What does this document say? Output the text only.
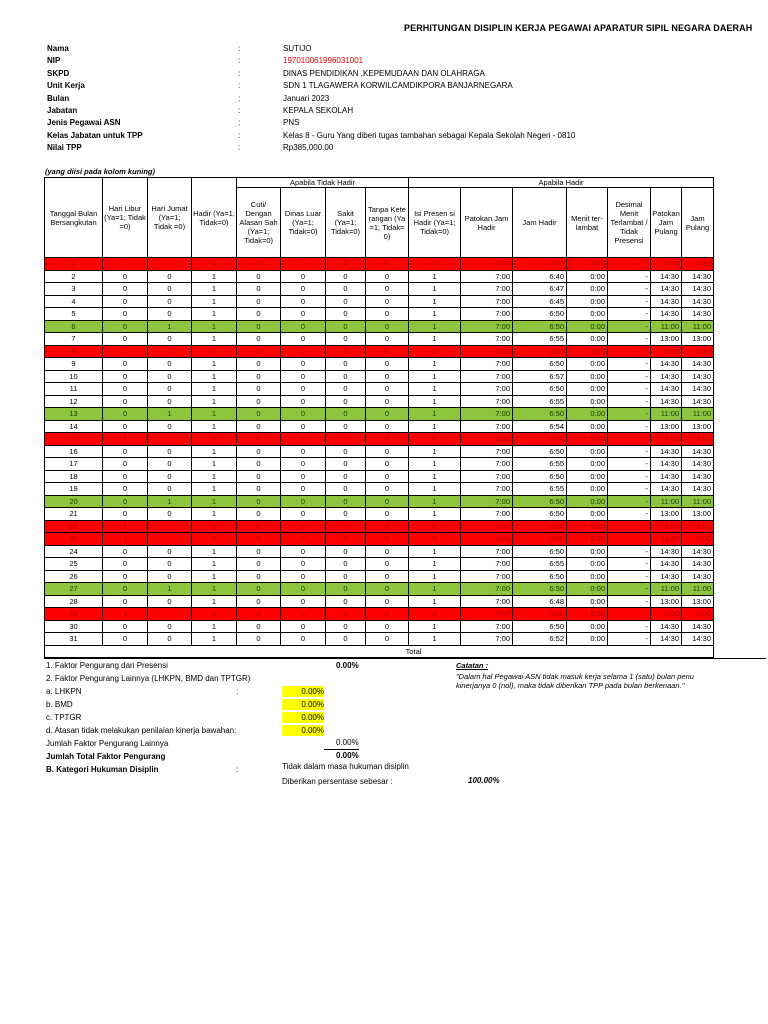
PERHITUNGAN DISIPLIN KERJA PEGAWAI APARATUR SIPIL NEGARA DAERAH
Nama	:	SUTIJO
NIP	:	197010061996031001
SKPD	:	DINAS PENDIDIKAN ,KEPEMUDAAN DAN OLAHRAGA
Unit Kerja	:	SDN 1 TLAGAWERA KORWILCAMDIKPORA BANJARNEGARA
Bulan	:	Januari 2023
Jabatan	:	KEPALA SEKOLAH
Jenis Pegawai ASN	:	PNS
Kelas Jabatan untuk TPP	:	Kelas 8 - Guru Yang diberi tugas tambahan sebagai Kepala Sekolah Negeri - 0810
Nilai TPP	:	Rp385,000.00
(yang diisi pada kolom kuning)
Tanggal Bulan Bersangkutan	Hari Libur (Ya=1; Tidak =0)	Hari Jumat (Ya=1; Tidak =0)	Hadir (Ya=1; Tidak=0)	Apabila Tidak Hadir				Apabila Hadir						
				Cuti/ Dengan Alasan Sah (Ya=1; Tidak=0)	Dinas Luar (Ya=1; Tidak=0)	Sakit (Ya=1; Tidak=0)	Tanpa Keterangan (Ya=1; Tidak=0)	Isi Presen si Hadir (Ya=1; Tidak=0)	Patokan Jam Hadir	Jam Hadir	Menit ter- lambat	Desimal Menit Terlambat / Tidak Presensi	Patokan Jam Pulang	Jam Pulang
1	1		0	0	0	0	0	0	0:00	0:00	0:00	-	0:00	0:00
2	0	0	1	0	0	0	0	1	7:00	6:40	0:00	-	14:30	14:30
3	0	0	1	0	0	0	0	1	7:00	6:47	0:00	-	14:30	14:30
4	0	0	1	0	0	0	0	1	7:00	6:45	0:00	-	14:30	14:30
5	0	0	1	0	0	0	0	1	7:00	6:50	0:00	-	14:30	14:30
6	0	1	1	0	0	0	0	1	7:00	6:50	0:00	-	11:00	11:00
7	0	0	1	0	0	0	0	1	7:00	6:55	0:00	-	13:00	13:00
8	1	0	0	0	0	0	0	0	0:00	0:00	0:00	-	0:00	0:00
9	0	0	1	0	0	0	0	1	7:00	6:50	0:00	-	14:30	14:30
10	0	0	1	0	0	0	0	1	7:00	6:57	0:00	-	14:30	14:30
11	0	0	1	0	0	0	0	1	7:00	6:50	0:00	-	14:30	14:30
12	0	0	1	0	0	0	0	1	7:00	6:55	0:00	-	14:30	14:30
13	0	1	1	0	0	0	0	1	7:00	6:50	0:00	-	11:00	11:00
14	0	0	1	0	0	0	0	1	7:00	6:54	0:00	-	13:00	13:00
15	1		0	0	0	0	0	0	0:00	0:00	0:00	-	0:00	0:00
16	0	0	1	0	0	0	0	1	7:00	6:50	0:00	-	14:30	14:30
17	0	0	1	0	0	0	0	1	7:00	6:55	0:00	-	14:30	14:30
18	0	0	1	0	0	0	0	1	7:00	6:50	0:00	-	14:30	14:30
19	0	0	1	0	0	0	0	1	7:00	6:55	0:00	-	14:30	14:30
20	0	1	1	0	0	0	0	1	7:00	6:50	0:00	-	11:00	11:00
21	0	0	1	0	0	0	0	1	7:00	6:50	0:00	-	13:00	13:00
22	1		0	0	0	0	0	0	0:00	0:00	0:00	-	0:00	0:00
23	1		0	0	0	0	0	0	0:00	0:00	0:00	-	14:30	0:00
24	0	0	1	0	0	0	0	1	7:00	6:50	0:00	-	14:30	14:30
25	0	0	1	0	0	0	0	1	7:00	6:55	0:00	-	14:30	14:30
26	0	0	1	0	0	0	0	1	7:00	6:50	0:00	-	14:30	14:30
27	0	1	1	0	0	0	0	1	7:00	6:50	0:00	-	11:00	11:00
28	0	0	1	0	0	0	0	1	7:00	6:48	0:00	-	13:00	13:00
29	1		0	0	0	0	0	0	0:00	0:00	0:00	-	0:00	0:00
30	0	0	1	0	0	0	0	1	7:00	6:50	0:00	-	14:30	14:30
31	0	0	1	0	0	0	0	1	7:00	6:52	0:00	-	14:30	14:30
Total														
1. Faktor Pengurang dari Presensi	0.00%
2. Faktor Pengurang Lainnya (LHKPN, BMD dan TPTGR)
a. LHKPN	:	0.00%
b. BMD	0.00%
c. TPTGR	0.00%
d. Atasan tidak melakukan penilaian kinerja bawahan:	0.00%
Jumlah Faktor Pengurang Lainnya	0.00%
Jumlah Total Faktor Pengurang	0.00%
B. Kategori Hukuman Disiplin	:	Tidak dalam masa hukuman disiplin
Diberikan persentase sebesar :	100.00%
Catatan :
"Dalam hal Pegawai ASN tidak masuk kerja selama 1 (satu) bulan penu
kinerjanya 0 (nol), maka tidak diberikan TPP pada bulan berkenaan."
